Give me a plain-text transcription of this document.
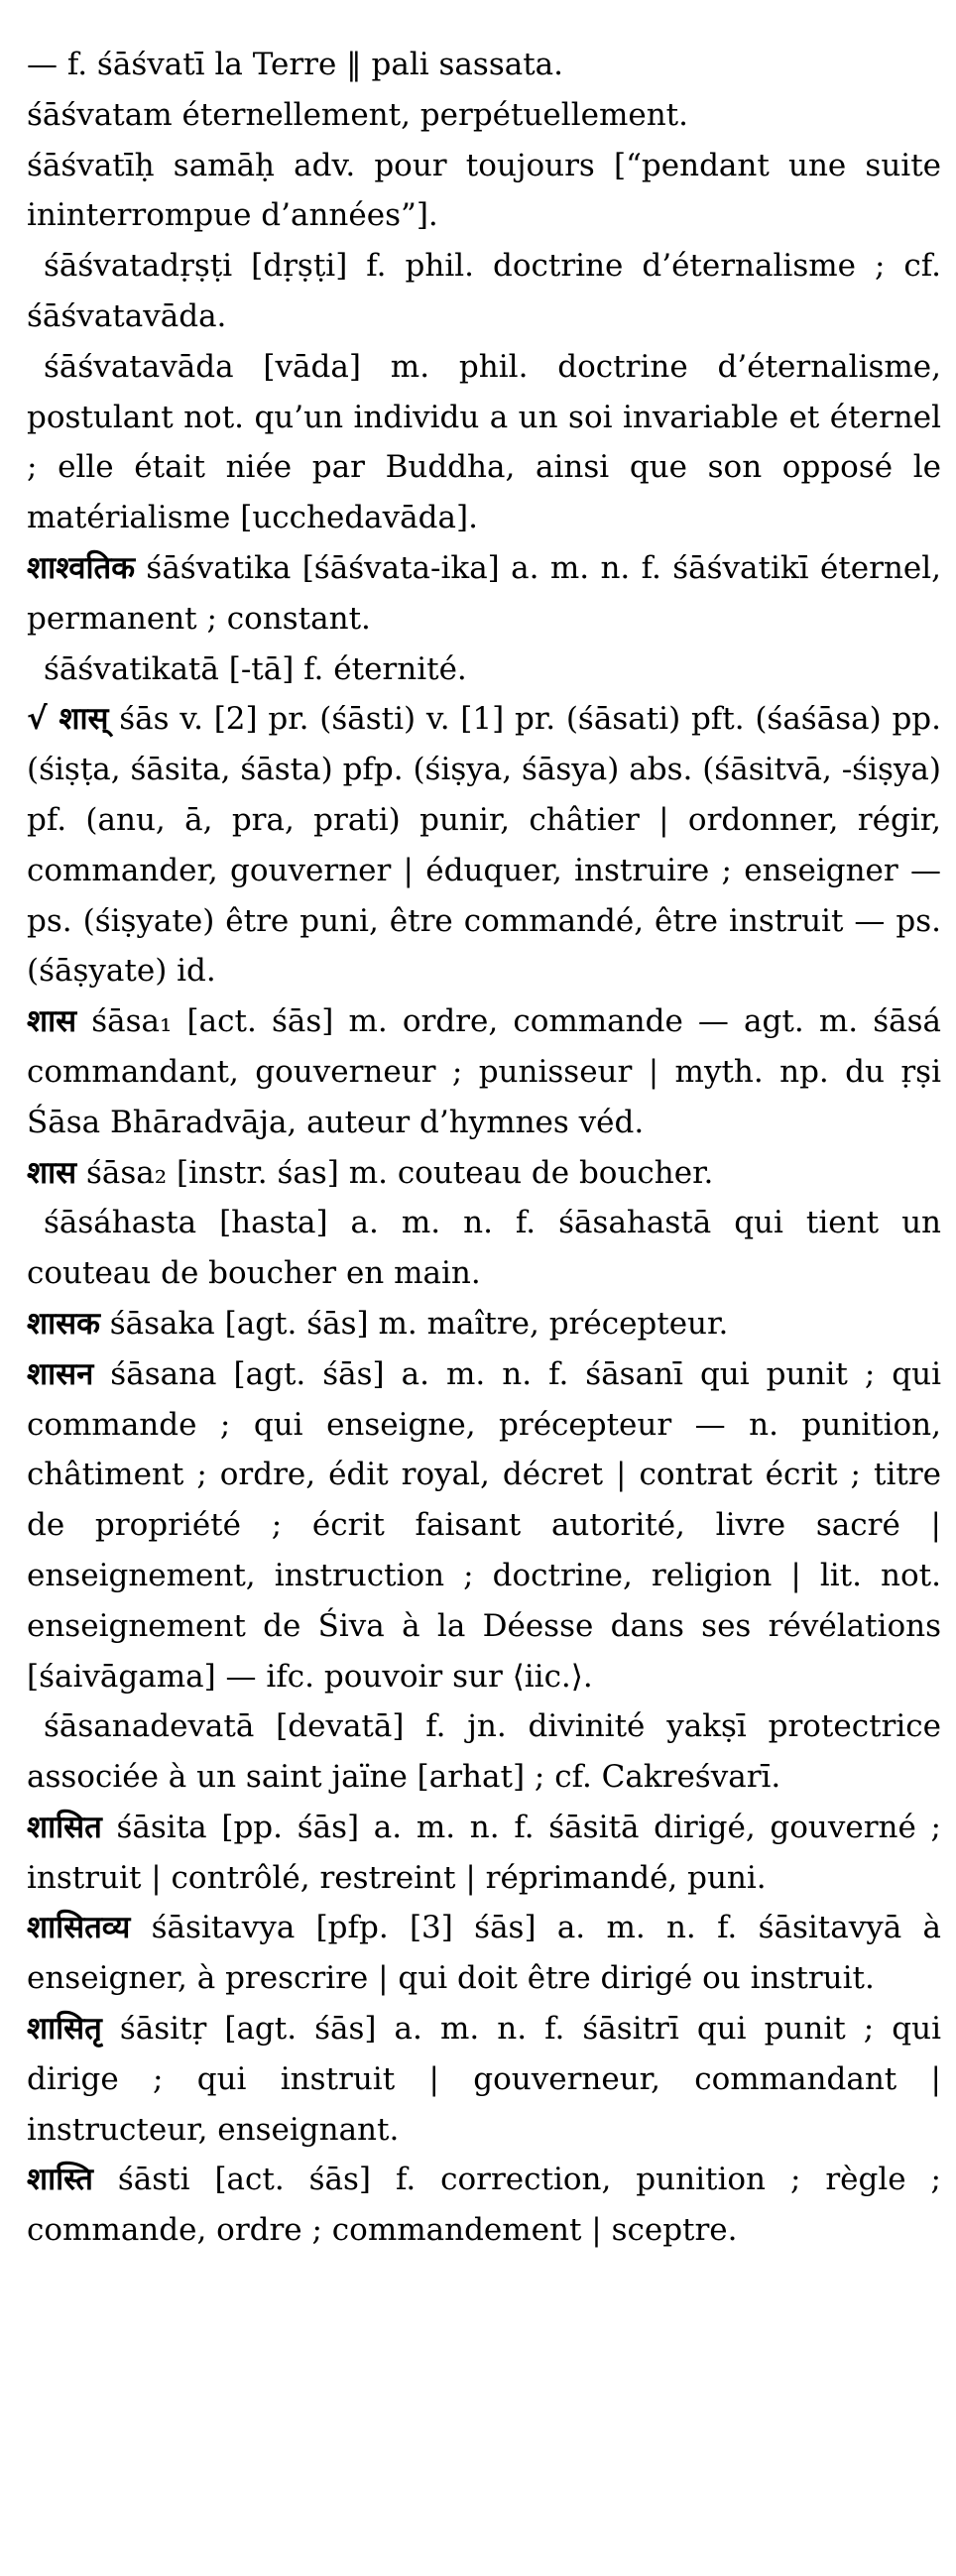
— f. śāśvatī la Terre ‖ pali sassata.

śāśvatam éternellement, perpétuellement.

śāśvatīḥ samāḥ adv. pour toujours [“pendant une suite ininterrompue d’années”].

śāśvatadṛṣṭi [dṛṣṭi] f. phil. doctrine d’éternalisme ; cf. śāśvatavāda.

śāśvatavāda [vāda] m. phil. doctrine d’éternalisme, postulant not. qu’un individu a un soi invariable et éternel ; elle était niée par Buddha, ainsi que son opposé le matérialisme [ucchedavāda].

शाश्वतिक śāśvatika [śāśvata-ika] a. m. n. f. śāśvatikī éternel, permanent ; constant.

śāśvatikatā [-tā] f. éternité.

√ शास् śās v. [2] pr. (śāsti) v. [1] pr. (śāsati) pft. (śaśāsa) pp. (śiṣṭa, śāsita, śāsta) pfp. (śiṣya, śāsya) abs. (śāsitvā, -śiṣya) pf. (anu, ā, pra, prati) punir, châtier | ordonner, régir, commander, gouverner | éduquer, instruire ; enseigner — ps. (śiṣyate) être puni, être commandé, être instruit — ps. (śāṣyate) id.

शास śāsa₁ [act. śās] m. ordre, commande — agt. m. śāsá commandant, gouverneur ; punisseur | myth. np. du ṛṣi Śāsa Bhāradvāja, auteur d’hymnes véd.

शास śāsa₂ [instr. śas] m. couteau de boucher.

śāsáhasta [hasta] a. m. n. f. śāsahastā qui tient un couteau de boucher en main.

शासक śāsaka [agt. śās] m. maître, précepteur.

शासन śāsana [agt. śās] a. m. n. f. śāsanī qui punit ; qui commande ; qui enseigne, précepteur — n. punition, châtiment ; ordre, édit royal, décret | contrat écrit ; titre de propriété ; écrit faisant autorité, livre sacré | enseignement, instruction ; doctrine, religion | lit. not. enseignement de Śiva à la Déesse dans ses révélations [śaivāgama] — ifc. pouvoir sur ⟨iic.⟩.

śāsanadevatā [devatā] f. jn. divinité yakṣī protectrice associée à un saint jaïne [arhat] ; cf. Cakreśvarī.

शासित śāsita [pp. śās] a. m. n. f. śāsitā dirigé, gouverné ; instruit | contrôlé, restreint | réprimandé, puni.

शासितव्य śāsitavya [pfp. [3] śās] a. m. n. f. śāsitavyā à enseigner, à prescrire | qui doit être dirigé ou instruit.

शासितृ śāsitṛ [agt. śās] a. m. n. f. śāsitrī qui punit ; qui dirige ; qui instruit | gouverneur, commandant | instructeur, enseignant.

शास्ति śāsti [act. śās] f. correction, punition ; règle ; commande, ordre ; commandement | sceptre.
